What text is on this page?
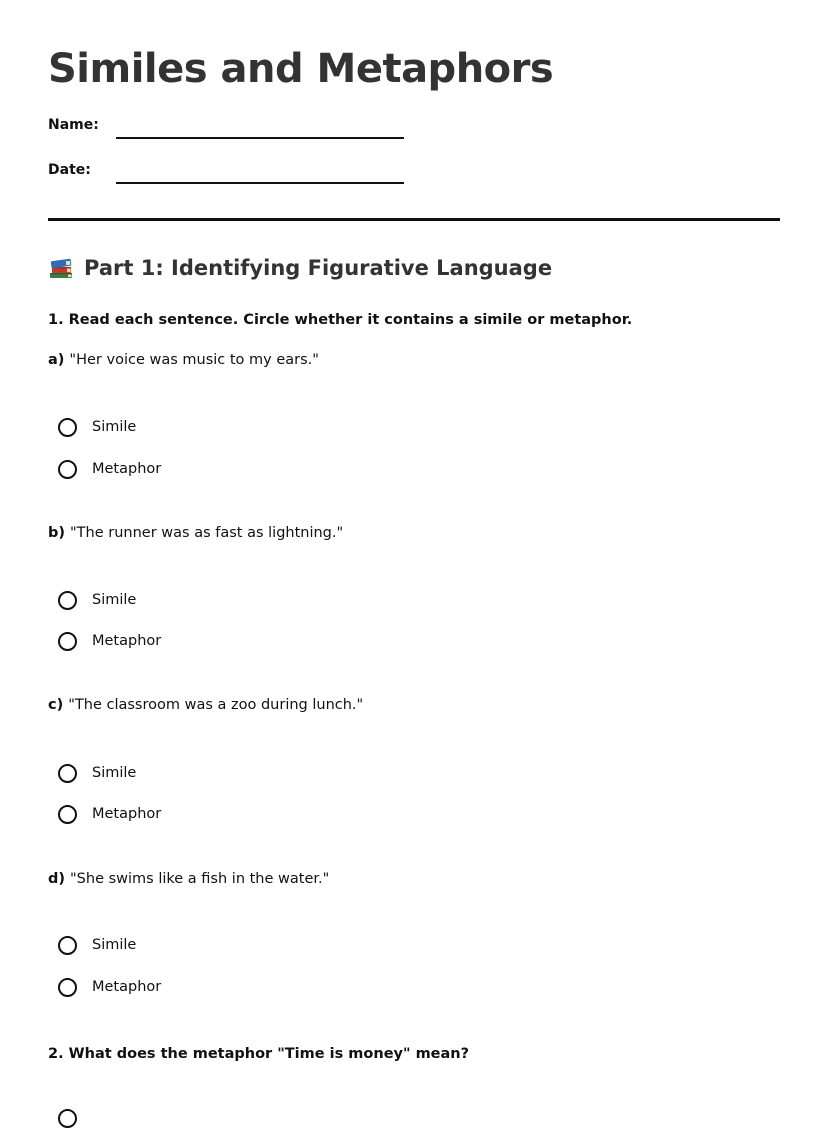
Similes and Metaphors
Name:
Date:
Part 1: Identifying Figurative Language

1. Read each sentence. Circle whether it contains a simile or metaphor.

a) "Her voice was music to my ears."

Simile
Metaphor

b) "The runner was as fast as lightning."

Simile
Metaphor

c) "The classroom was a zoo during lunch."

Simile
Metaphor

d) "She swims like a fish in the water."

Simile
Metaphor

2. What does the metaphor "Time is money" mean?
